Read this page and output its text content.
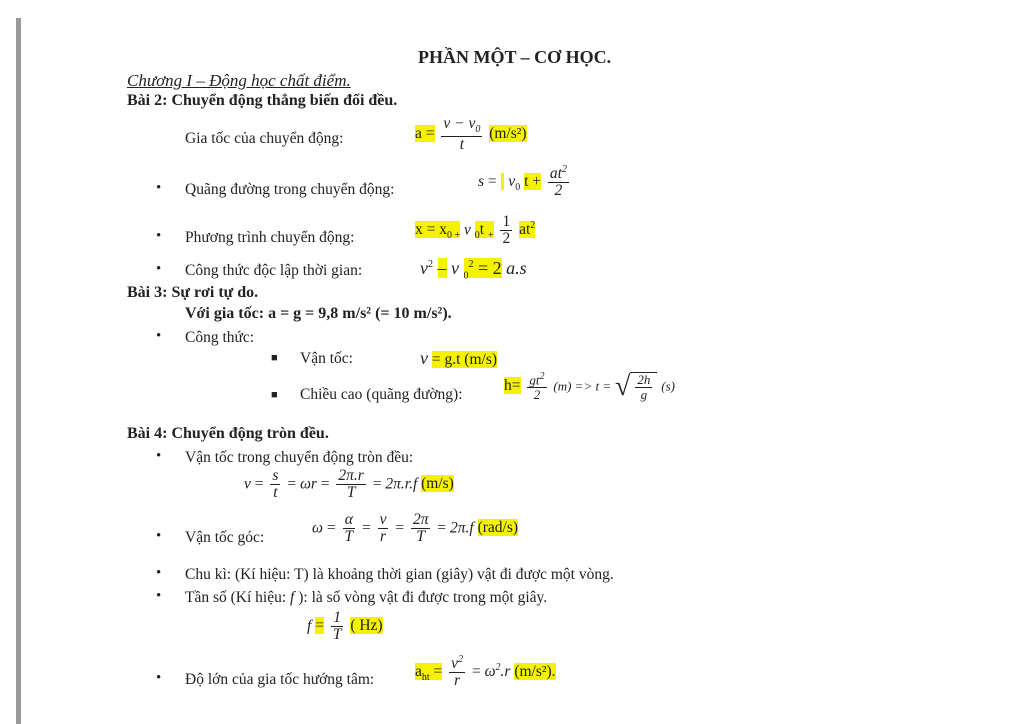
PHẦN MỘT – CƠ HỌC.
Chương I – Động học chất điểm.
Bài 2: Chuyển động thẳng biến đổi đều.
Gia tốc của chuyển động:	$a = \frac{v - v_0}{t} (m/s^2)$
• Quãng đường trong chuyển động:	$s = v_0$ $t + \frac{at^2}{2}$
• Phương trình chuyển động:	$x = x_{0 +}$ v $_0$t $_+ \frac{1}{2} at^2$
• Công thức độc lập thời gian:	$v^2$ – v $_0^2$ = 2 a.s
Bài 3: Sự rơi tự do.
Với gia tốc: a = g = 9,8 m/s² (= 10 m/s²).
• Công thức:
■ Vận tốc:	v = g.t (m/s)
■ Chiều cao (quãng đường):
$h= \frac{gt^2}{2} (m) => t$ = √ $\frac{2h}{g} (s)$
Bài 4: Chuyển động tròn đều.
• Vận tốc trong chuyển động tròn đều:
$v = \frac{s}{t} = \omega r = \frac{2\pi.r}{T} = 2\pi.r.f$ (m/s)
• Vận tốc góc:
$\omega = \frac{\alpha}{T} = \frac{v}{r} = \frac{2\pi}{T} = 2\pi.f$ (rad/s)
• Chu kì: (Kí hiệu: T) là khoảng thời gian (giây) vật đi được một vòng.
• Tần số (Kí hiệu: f ): là số vòng vật đi được trong một giây.
$f = \frac{1}{T}$ ( Hz)
• Độ lớn của gia tốc hướng tâm:	$a_{ht} = \frac{v^2}{r} = \omega^2.r$ (m/s²).
